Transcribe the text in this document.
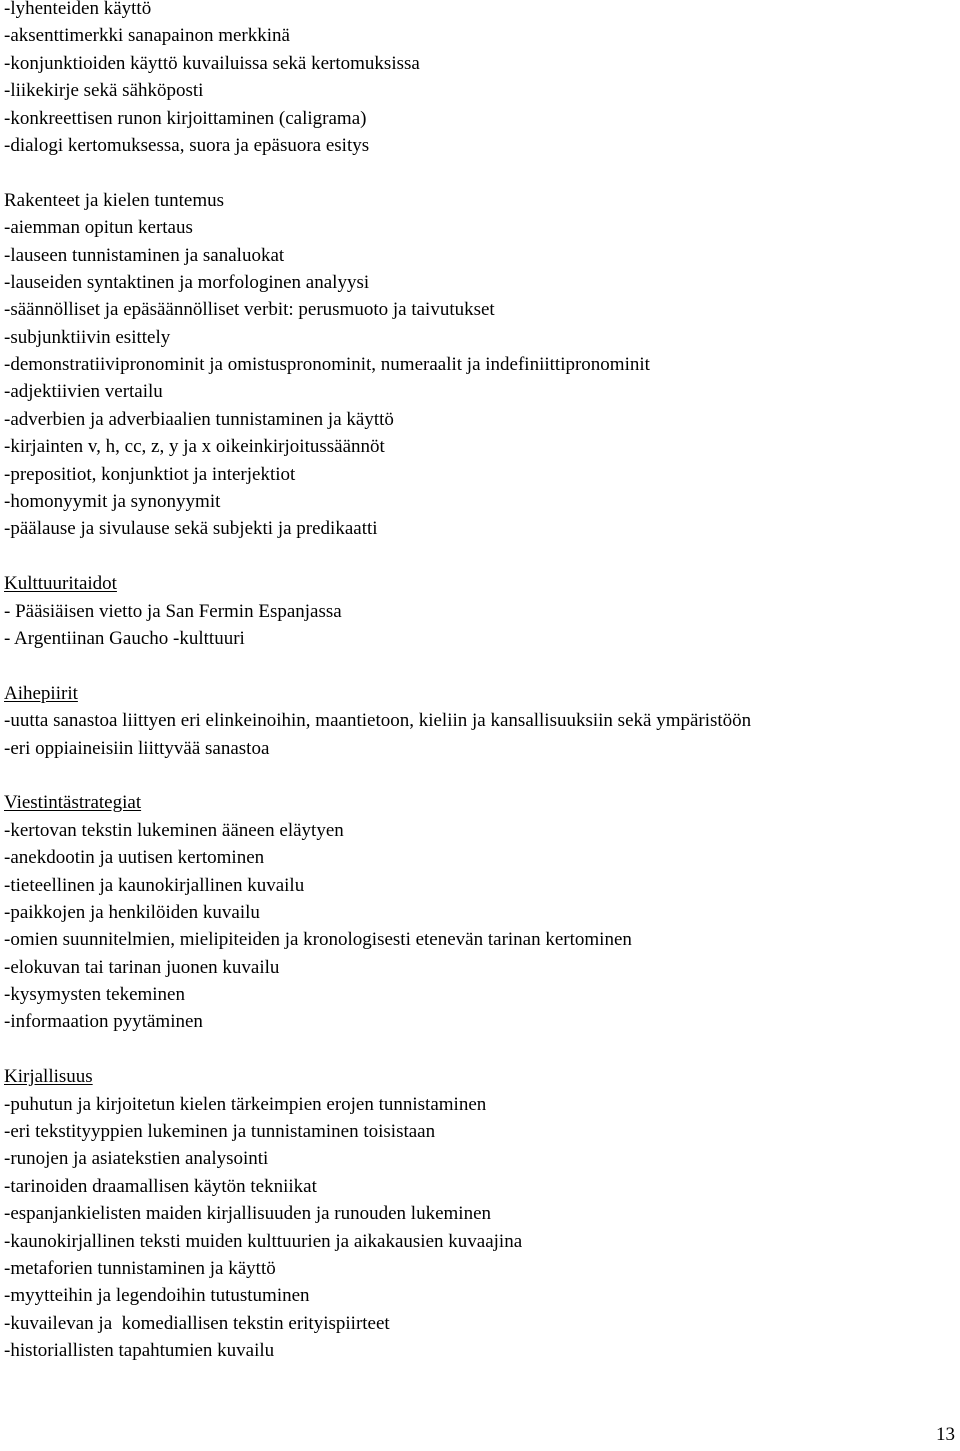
-lyhenteiden käyttö
-aksenttimerkki sanapainon merkkinä
-konjunktioiden käyttö kuvailuissa sekä kertomuksissa
-liikekirje sekä sähköposti
-konkreettisen runon kirjoittaminen (caligrama)
-dialogi kertomuksessa, suora ja epäsuora esitys
Rakenteet ja kielen tuntemus
-aiemman opitun kertaus
-lauseen tunnistaminen ja sanaluokat
-lauseiden syntaktinen ja morfologinen analyysi
-säännölliset ja epäsäännölliset verbit: perusmuoto ja taivutukset
-subjunktiivin esittely
-demonstratiivipronominit ja omistuspronominit, numeraalit ja indefiniittipronominit
-adjektiivien vertailu
-adverbien ja adverbiaalien tunnistaminen ja käyttö
-kirjainten v, h, cc, z, y ja x oikeinkirjoitussäännöt
-prepositiot, konjunktiot ja interjektiot
-homonyymit ja synonyymit
-päälause ja sivulause sekä subjekti ja predikaatti
Kulttuuritaidot
- Pääsiäisen vietto ja San Fermin Espanjassa
- Argentiinan Gaucho -kulttuuri
Aihepiirit
-uutta sanastoa liittyen eri elinkeinoihin, maantietoon, kieliin ja kansallisuuksiin sekä ympäristöön
-eri oppiaineisiin liittyvää sanastoa
Viestintästrategiat
-kertovan tekstin lukeminen ääneen eläytyen
-anekdootin ja uutisen kertominen
-tieteellinen ja kaunokirjallinen kuvailu
-paikkojen ja henkilöiden kuvailu
-omien suunnitelmien, mielipiteiden ja kronologisesti etenevän tarinan kertominen
-elokuvan tai tarinan juonen kuvailu
-kysymysten tekeminen
-informaation pyytäminen
Kirjallisuus
-puhutun ja kirjoitetun kielen tärkeimpien erojen tunnistaminen
-eri tekstityyppien lukeminen ja tunnistaminen toisistaan
-runojen ja asiatekstien analysointi
-tarinoiden draamallisen käytön tekniikat
-espanjankielisten maiden kirjallisuuden ja runouden lukeminen
-kaunokirjallinen teksti muiden kulttuurien ja aikakausien kuvaajina
-metaforien tunnistaminen ja käyttö
-myytteihin ja legendoihin tutustuminen
-kuvailevan ja  komediallisen tekstin erityispiirteet
-historiallisten tapahtumien kuvailu
13
